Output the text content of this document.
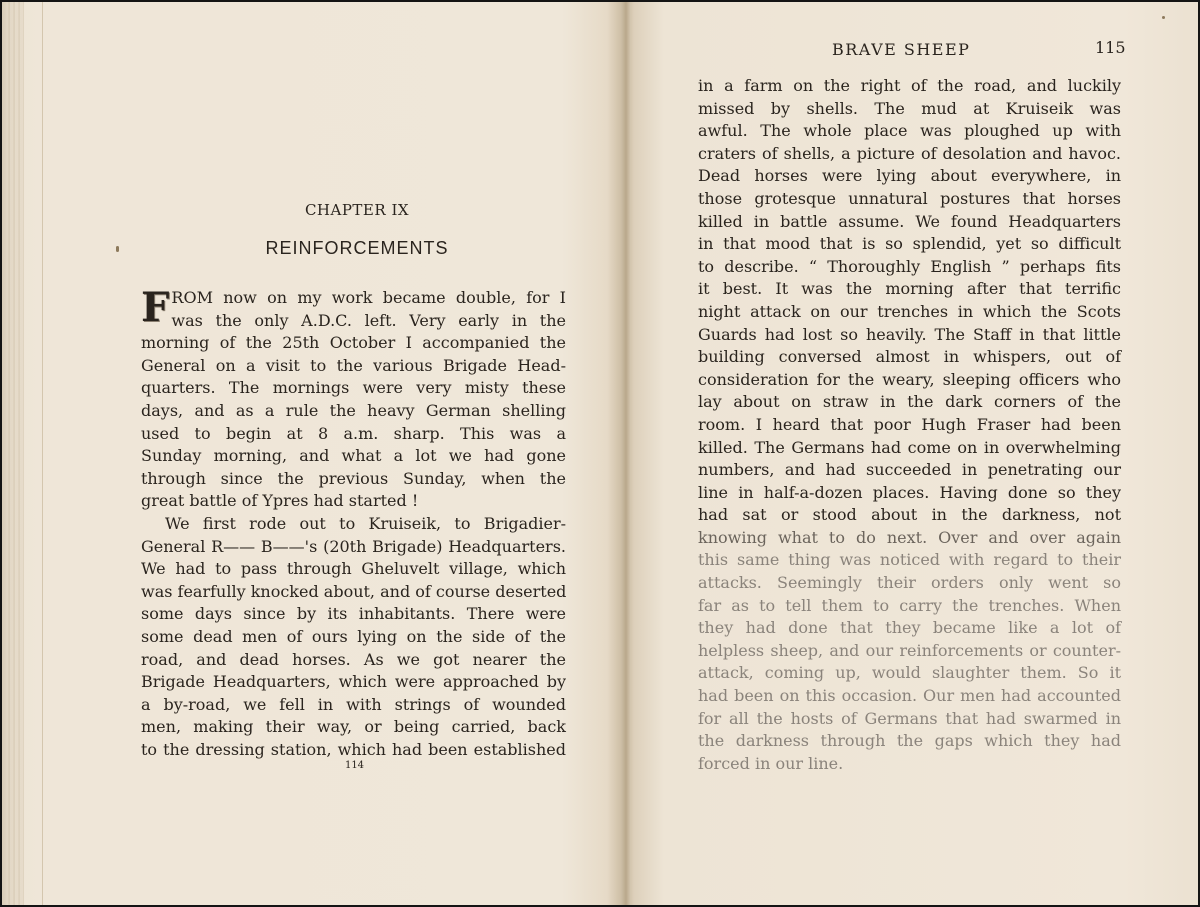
CHAPTER IX
REINFORCEMENTS
F ROM now on my work became double, for I
was the only A.D.C. left. Very early in the
morning of the 25th October I accompanied the
General on a visit to the various Brigade Head-
quarters. The mornings were very misty these
days, and as a rule the heavy German shelling
used to begin at 8 a.m. sharp. This was a
Sunday morning, and what a lot we had gone
through since the previous Sunday, when the
great battle of Ypres had started !
We first rode out to Kruiseik, to Brigadier-
General R—— B——'s (20th Brigade) Headquarters.
We had to pass through Gheluvelt village, which
was fearfully knocked about, and of course deserted
some days since by its inhabitants. There were
some dead men of ours lying on the side of the
road, and dead horses. As we got nearer the
Brigade Headquarters, which were approached by
a by-road, we fell in with strings of wounded
men, making their way, or being carried, back
to the dressing station, which had been established
114
BRAVE SHEEP	115
in a farm on the right of the road, and luckily
missed by shells. The mud at Kruiseik was
awful. The whole place was ploughed up with
craters of shells, a picture of desolation and havoc.
Dead horses were lying about everywhere, in
those grotesque unnatural postures that horses
killed in battle assume. We found Headquarters
in that mood that is so splendid, yet so difficult
to describe. “ Thoroughly English ” perhaps fits
it best. It was the morning after that terrific
night attack on our trenches in which the Scots
Guards had lost so heavily. The Staff in that little
building conversed almost in whispers, out of
consideration for the weary, sleeping officers who
lay about on straw in the dark corners of the
room. I heard that poor Hugh Fraser had been
killed. The Germans had come on in overwhelming
numbers, and had succeeded in penetrating our
line in half-a-dozen places. Having done so they
had sat or stood about in the darkness, not
knowing what to do next. Over and over again
this same thing was noticed with regard to their
attacks. Seemingly their orders only went so
far as to tell them to carry the trenches. When
they had done that they became like a lot of
helpless sheep, and our reinforcements or counter-
attack, coming up, would slaughter them. So it
had been on this occasion. Our men had accounted
for all the hosts of Germans that had swarmed in
the darkness through the gaps which they had
forced in our line.
